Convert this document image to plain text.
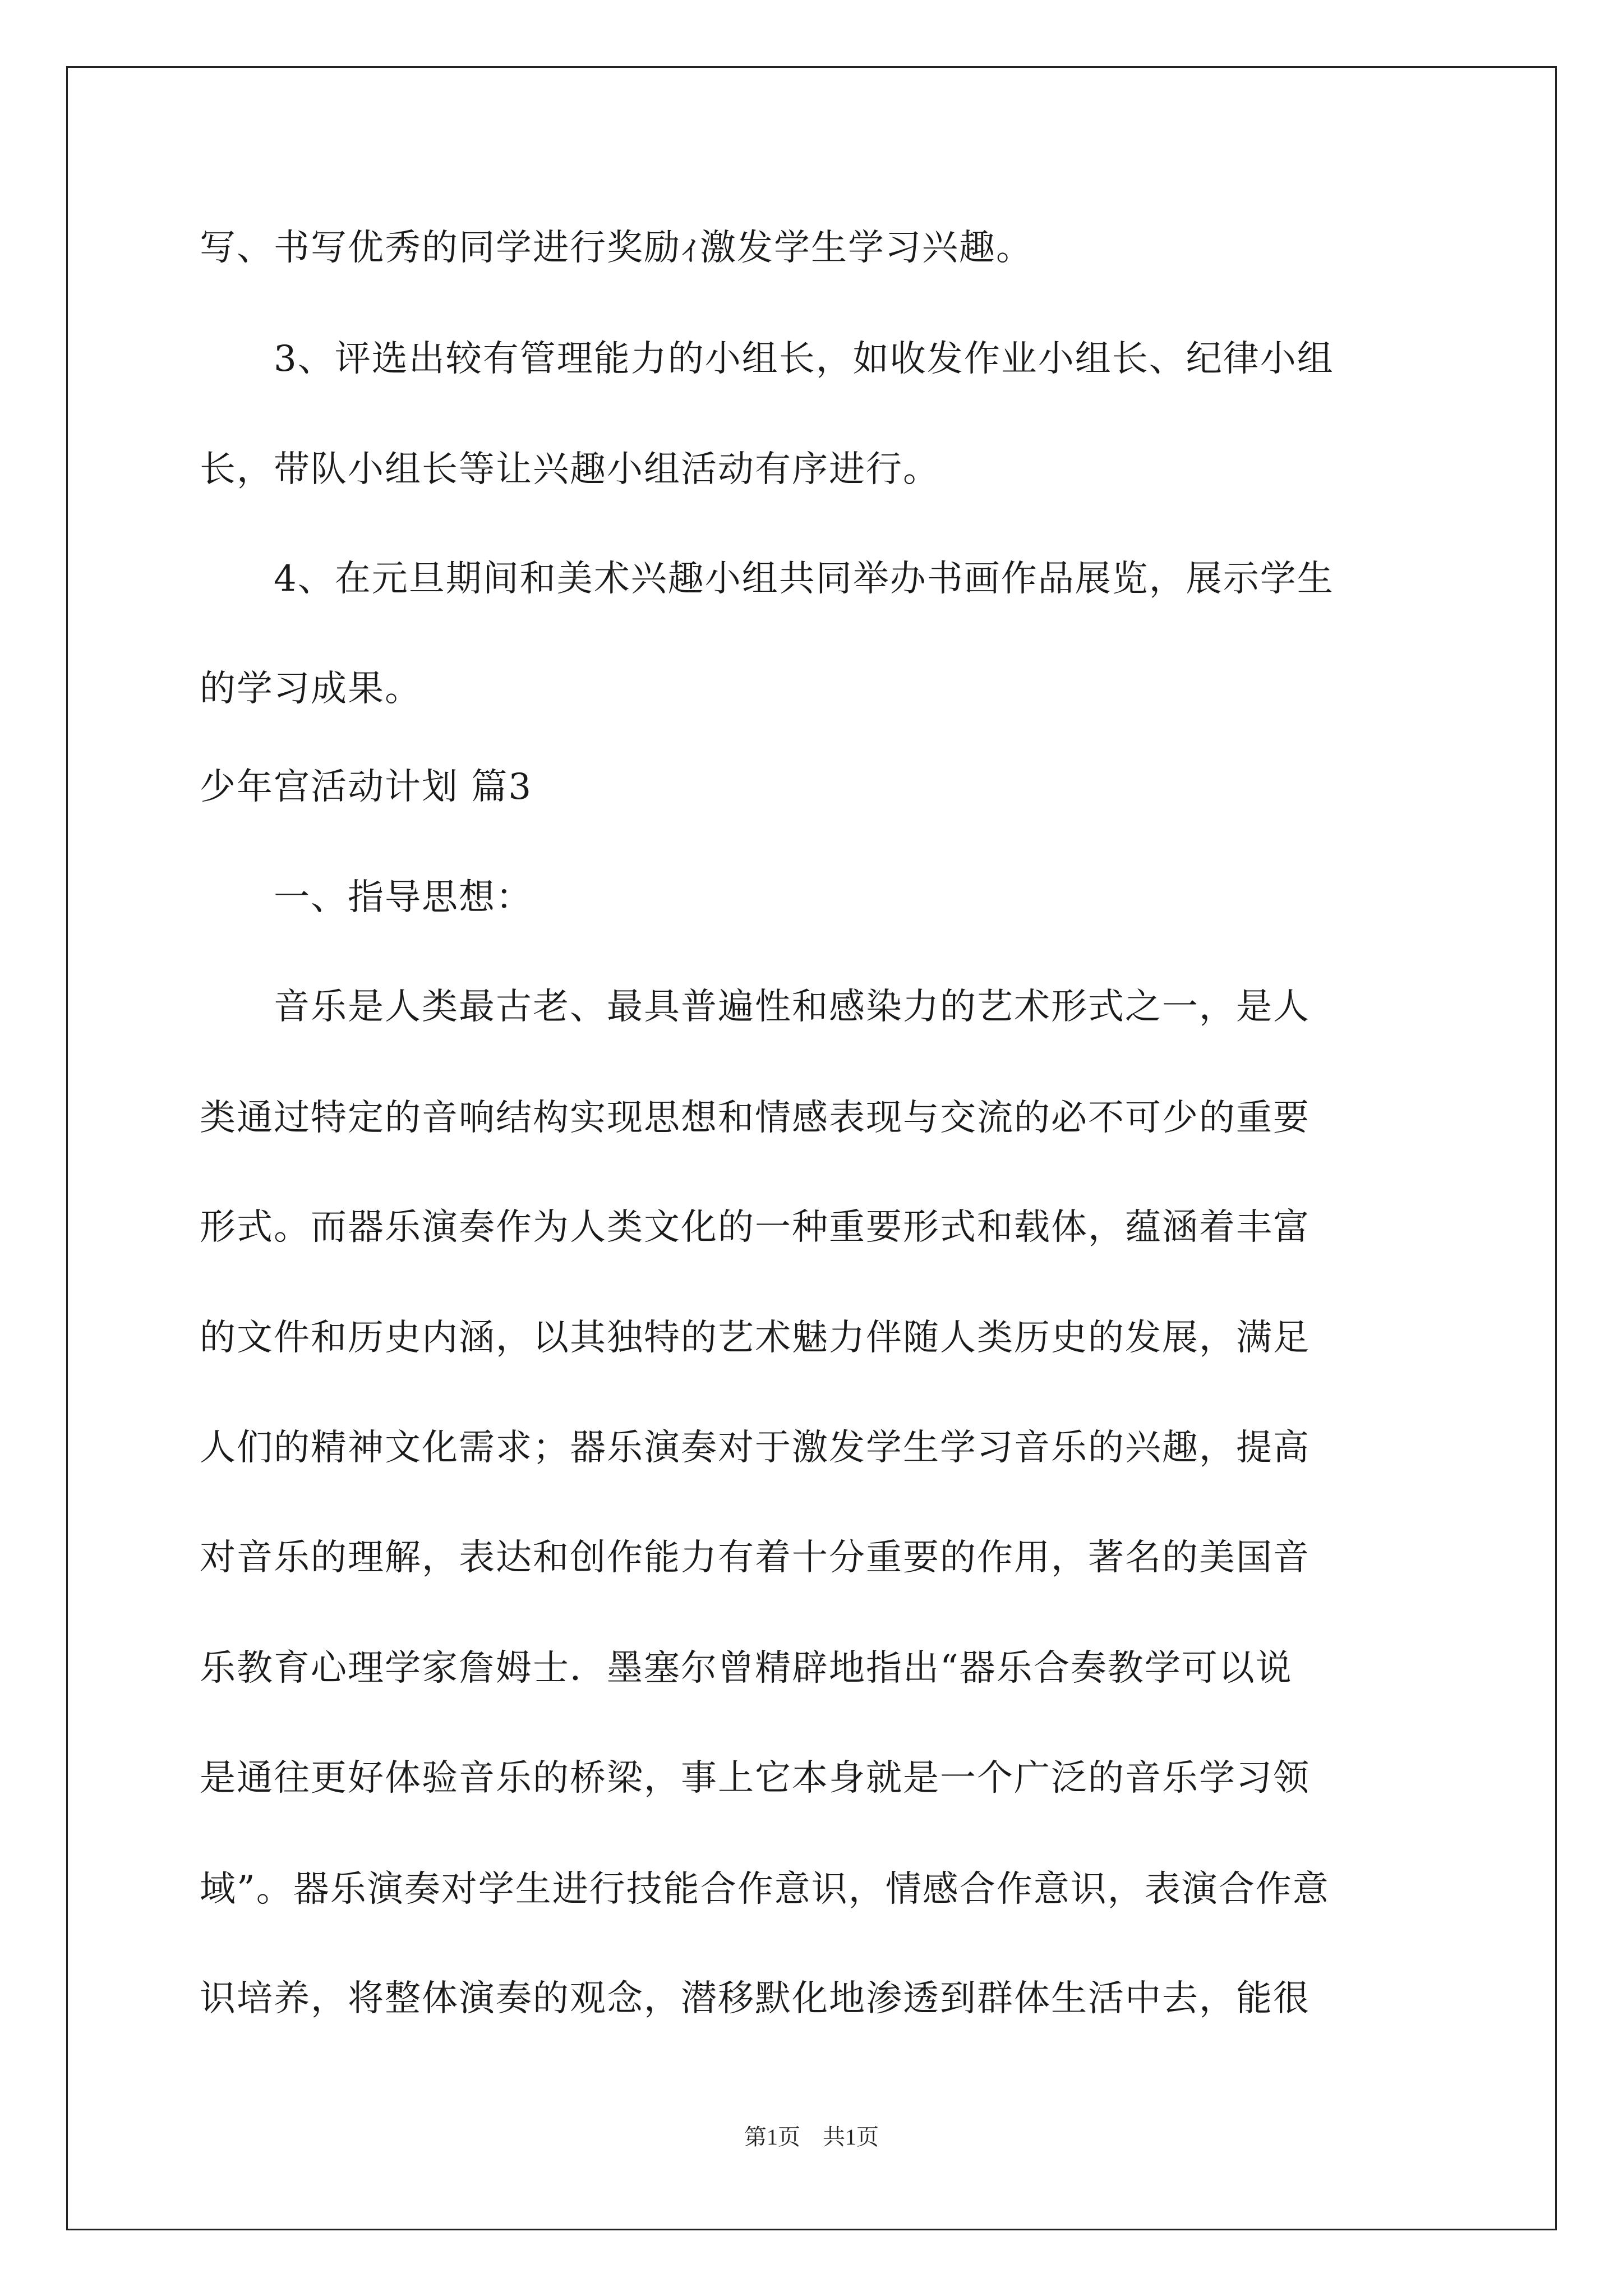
写、书写优秀的同学进行奖励ｨ激发学生学习兴趣。
　　3、评选出较有管理能力的小组长，如收发作业小组长、纪律小组
长，带队小组长等让兴趣小组活动有序进行。
　　4、在元旦期间和美术兴趣小组共同举办书画作品展览，展示学生
的学习成果。
少年宫活动计划 篇3
　　一、指导思想：
　　音乐是人类最古老、最具普遍性和感染力的艺术形式之一，是人
类通过特定的音响结构实现思想和情感表现与交流的必不可少的重要
形式。而器乐演奏作为人类文化的一种重要形式和载体，蕴涵着丰富
的文件和历史内涵，以其独特的艺术魅力伴随人类历史的发展，满足
人们的精神文化需求；器乐演奏对于激发学生学习音乐的兴趣，提高
对音乐的理解，表达和创作能力有着十分重要的作用，著名的美国音
乐教育心理学家詹姆士．墨塞尔曾精辟地指出“器乐合奏教学可以说
是通往更好体验音乐的桥梁，事上它本身就是一个广泛的音乐学习领
域”。器乐演奏对学生进行技能合作意识，情感合作意识，表演合作意
识培养，将整体演奏的观念，潜移默化地渗透到群体生活中去，能很
第1页　共1页
